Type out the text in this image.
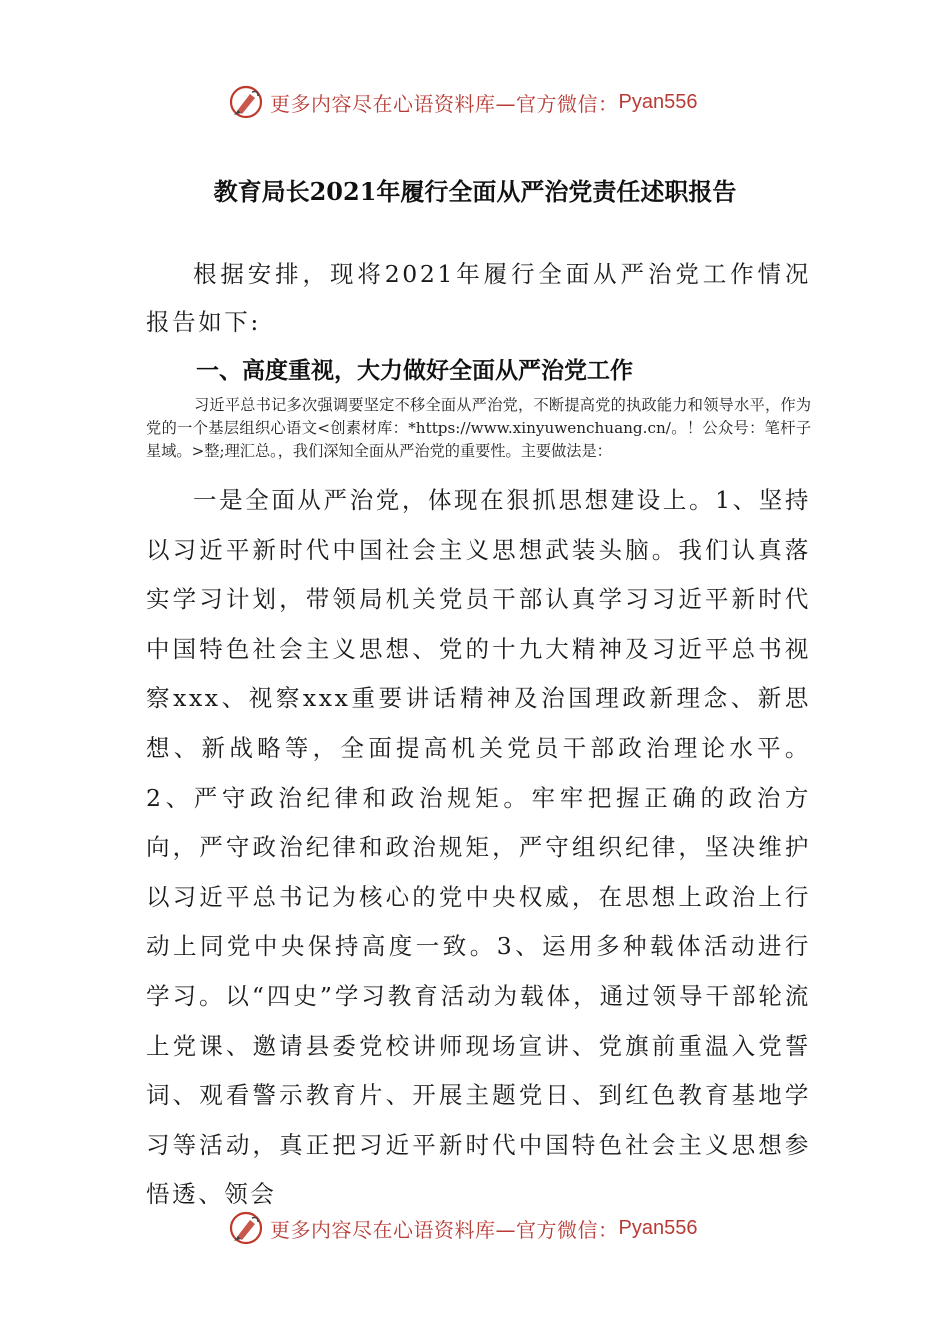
更多内容尽在心语资料库—官方微信： Pyan556
教育局长2021年履行全面从严治党责任述职报告
根据安排，现将2021年履行全面从严治党工作情况报告如下:
一、高度重视，大力做好全面从严治党工作
习近平总书记多次强调要坚定不移全面从严治党，不断提高党的执政能力和领导水平，作为党的一个基层组织心语文<创素材库：*https://www.xinyuwenchuang.cn/。！公众号：笔杆子星域。>整;理汇总。，我们深知全面从严治党的重要性。主要做法是：
一是全面从严治党，体现在狠抓思想建设上。1、坚持以习近平新时代中国社会主义思想武装头脑。我们认真落实学习计划，带领局机关党员干部认真学习习近平新时代中国特色社会主义思想、党的十九大精神及习近平总书视察xxx、视察xxx重要讲话精神及治国理政新理念、新思想、新战略等，全面提高机关党员干部政治理论水平。2、严守政治纪律和政治规矩。牢牢把握正确的政治方向，严守政治纪律和政治规矩，严守组织纪律，坚决维护以习近平总书记为核心的党中央权威，在思想上政治上行动上同党中央保持高度一致。3、运用多种载体活动进行学习。以“四史”学习教育活动为载体，通过领导干部轮流上党课、邀请县委党校讲师现场宣讲、党旗前重温入党誓词、观看警示教育片、开展主题党日、到红色教育基地学习等活动，真正把习近平新时代中国特色社会主义思想参悟透、领会
更多内容尽在心语资料库—官方微信： Pyan556
